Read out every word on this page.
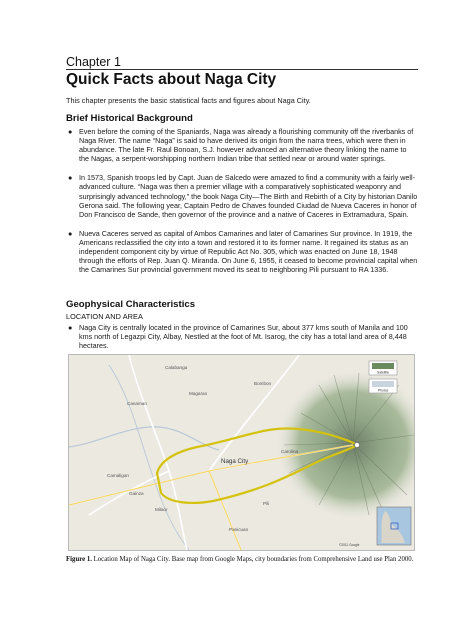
Chapter 1
Quick Facts about Naga City

This chapter presents the basic statistical facts and figures about Naga City.

Brief Historical Background
● Even before the coming of the Spaniards, Naga was already a flourishing community off the riverbanks of Naga River. The name “Naga” is said to have derived its origin from the narra trees, which were then in abundance. The late Fr. Raul Bonoan, S.J. however advanced an alternative theory linking the name to the Nagas, a serpent-worshipping northern Indian tribe that settled near or around water springs.
● In 1573, Spanish troops led by Capt. Juan de Salcedo were amazed to find a community with a fairly well-advanced culture. “Naga was then a premier village with a comparatively sophisticated weaponry and surprisingly advanced technology,” the book Naga City—The Birth and Rebirth of a City by historian Danilo Gerona said. The following year, Captain Pedro de Chaves founded Ciudad de Nueva Caceres in honor of Don Francisco de Sande, then governor of the province and a native of Caceres in Extramadura, Spain.
● Nueva Caceres served as capital of Ambos Camarines and later of Camarines Sur province. In 1919, the Americans reclassified the city into a town and restored it to its former name. It regained its status as an independent component city by virtue of Republic Act No. 305, which was enacted on June 18, 1948 through the efforts of Rep. Juan Q. Miranda. On June 6, 1955, it ceased to become provincial capital when the Camarines Sur provincial government moved its seat to neighboring Pili pursuant to RA 1336.
Geophysical Characteristics
LOCATION AND AREA
● Naga City is centrally located in the province of Camarines Sur, about 377 kms south of Manila and 100 kms north of Legazpi City, Albay, Nestled at the foot of Mt. Isarog, the city has a total land area of 8,448 hectares.
Calabanga
Canaman
Magarao
Bombon
Camaligan
Gainza
Milaor
Pili
Carolina
Panicuan
Naga City
Satellite
Photos
©2011 Google

Figure 1. Location Map of Naga City. Base map from Google Maps, city boundaries from Comprehensive Land use Plan 2000.
